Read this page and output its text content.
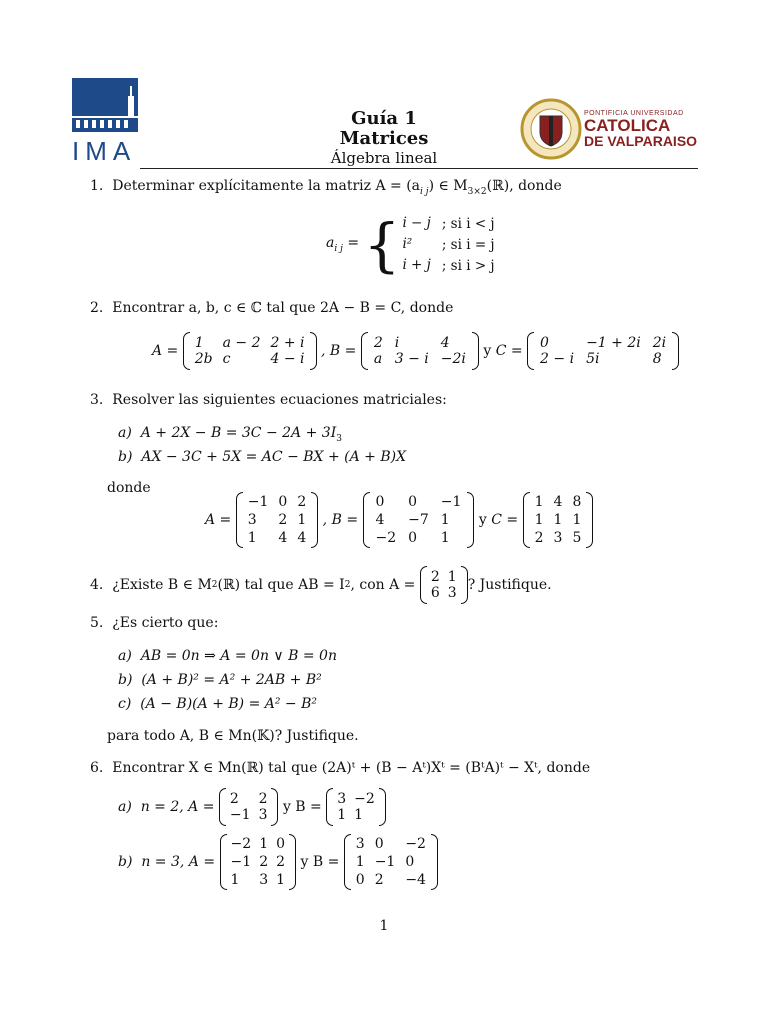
IMA
Guía 1
Matrices
Álgebra lineal
PONTIFICIA UNIVERSIDAD
CATOLICA
DE VALPARAISO
1. Determinar explícitamente la matriz $A = (a_{i j})$ ∈ $M_{3\times 2}(ℝ)$, donde
$a_{i j}$ = { i − j	; si i < j
i²	; si i = j
i + j	; si i > j
2. Encontrar a, b, c ∈ ℂ tal que 2A − B = C, donde
A = 1	a − 2	2 + i
2b	c	4 − i , B = 2	i	4
a	3 − i	−2i y C = 0	−1 + 2i	2i
2 − i	5i	8
3. Resolver las siguientes ecuaciones matriciales:
a) $A + 2X - B = 3C - 2A + 3I_3$
b) AX − 3C + 5X = AC − BX + (A + B)X
donde
A =
−1	0	2
3	2	1
1	4	4
, B =
0	0	−1
4	−7	1
−2	0	1
y C =
1	4	8
1	1	1
2	3	5
4.
¿Existe B ∈ M 2 (ℝ) tal que AB = I 2 , con A =
2	1
6	3 ? Justifique.
5. ¿Es cierto que:
a) AB = 0n ⇒ A = 0n ∨ B = 0n
b) (A + B)² = A² + 2AB + B²
c) (A − B)(A + B) = A² − B²
para todo A, B ∈ Mn(𝕂)? Justifique.
6. Encontrar X ∈ Mn(ℝ) tal que (2A)ᵗ + (B − Aᵗ)Xᵗ = (BᵗA)ᵗ − Xᵗ, donde
a)
n = 2, A =
2	2
−1	3
y B =
3	−2
1	1
b)
n = 3, A =

−2	1	0
−1	2	2
1	3	1

y B =

3	0	−2
1	−1	0
0	2	−4
1
